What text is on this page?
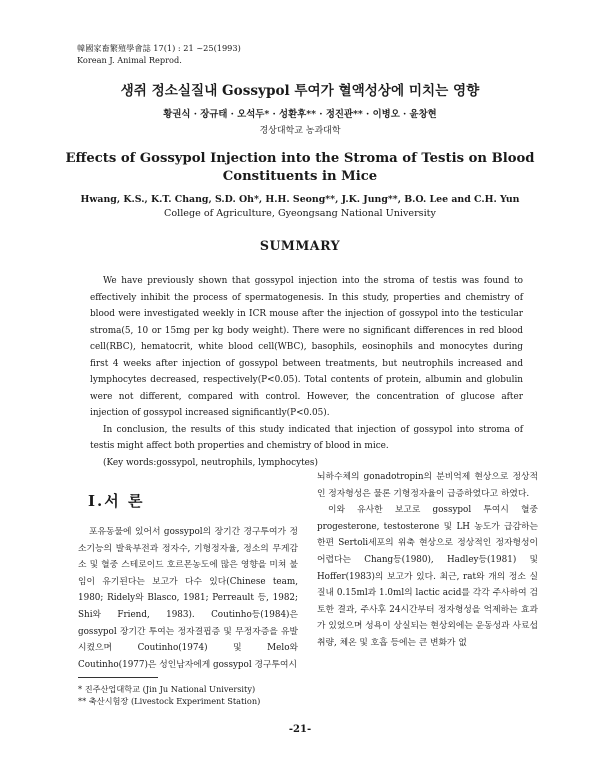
韓國家畜繁殖學會誌 17(1) : 21 ~25(1993)
Korean J. Animal Reprod.
생쥐 정소실질내 Gossypol 투여가 혈액성상에 미치는 영향
황권식 · 장규태 · 오석두* · 성환후** · 정진관** · 이병오 · 윤창현
경상대학교 농과대학
Effects of Gossypol Injection into the Stroma of Testis on Blood Constituents in Mice
Hwang, K.S., K.T. Chang, S.D. Oh*, H.H. Seong**, J.K. Jung**, B.O. Lee and C.H. Yun
College of Agriculture, Gyeongsang National University
SUMMARY

We have previously shown that gossypol injection into the stroma of testis was found to effectively inhibit the process of spermatogenesis. In this study, properties and chemistry of blood were investigated weekly in ICR mouse after the injection of gossypol into the testicular stroma(5, 10 or 15mg per kg body weight). There were no significant differences in red blood cell(RBC), hematocrit, white blood cell(WBC), basophils, eosinophils and monocytes during first 4 weeks after injection of gossypol between treatments, but neutrophils increased and lymphocytes decreased, respectively(P<0.05). Total contents of protein, albumin and globulin were not different, compared with control. However, the concentration of glucose after injection of gossypol increased significantly(P<0.05).

In conclusion, the results of this study indicated that injection of gossypol into stroma of testis might affect both properties and chemistry of blood in mice.

(Key words:gossypol, neutrophils, lymphocytes)

I.서 론

포유동물에 있어서 gossypol의 장기간 경구투여가 정소기능의 발육부전과 정자수, 기형정자율, 정소의 무게감소 및 혈중 스테로이드 호르몬농도에 많은 영향을 미쳐 불임이 유기된다는 보고가 다수 있다(Chinese team, 1980; Ridely와 Blasco, 1981; Perreault 등, 1982; Shi와 Friend, 1983). Coutinho등(1984)은 gossypol 장기간 투여는 정자결핍증 및 무정자증을 유발시켰으며 Coutinho(1974) 및 Melo와 Coutinho(1977)은 성인남자에게 gossypol 경구투여시

뇌하수체의 gonadotropin의 분비억제 현상으로 정상적인 정자형성은 물론 기형정자율이 급증하였다고 하였다.

이와 유사한 보고로 gossypol 투여시 혈중 progesterone, testosterone 및 LH 농도가 급감하는 한편 Sertoli세포의 위축 현상으로 정상적인 정자형성이 어렵다는 Chang등(1980), Hadley등(1981) 및 Hoffer(1983)의 보고가 있다. 최근, rat와 개의 정소 실질내 0.15ml과 1.0ml의 lactic acid를 각각 주사하여 검토한 결과, 주사후 24시간부터 정자형성을 억제하는 효과가 있었으며 성욕이 상실되는 현상외에는 운동성과 사료섭취량, 체온 및 호흡 등에는 큰 변화가 없

* 진주산업대학교 (Jin Ju National University)
** 축산시험장 (Livestock Experiment Station)
-21-
